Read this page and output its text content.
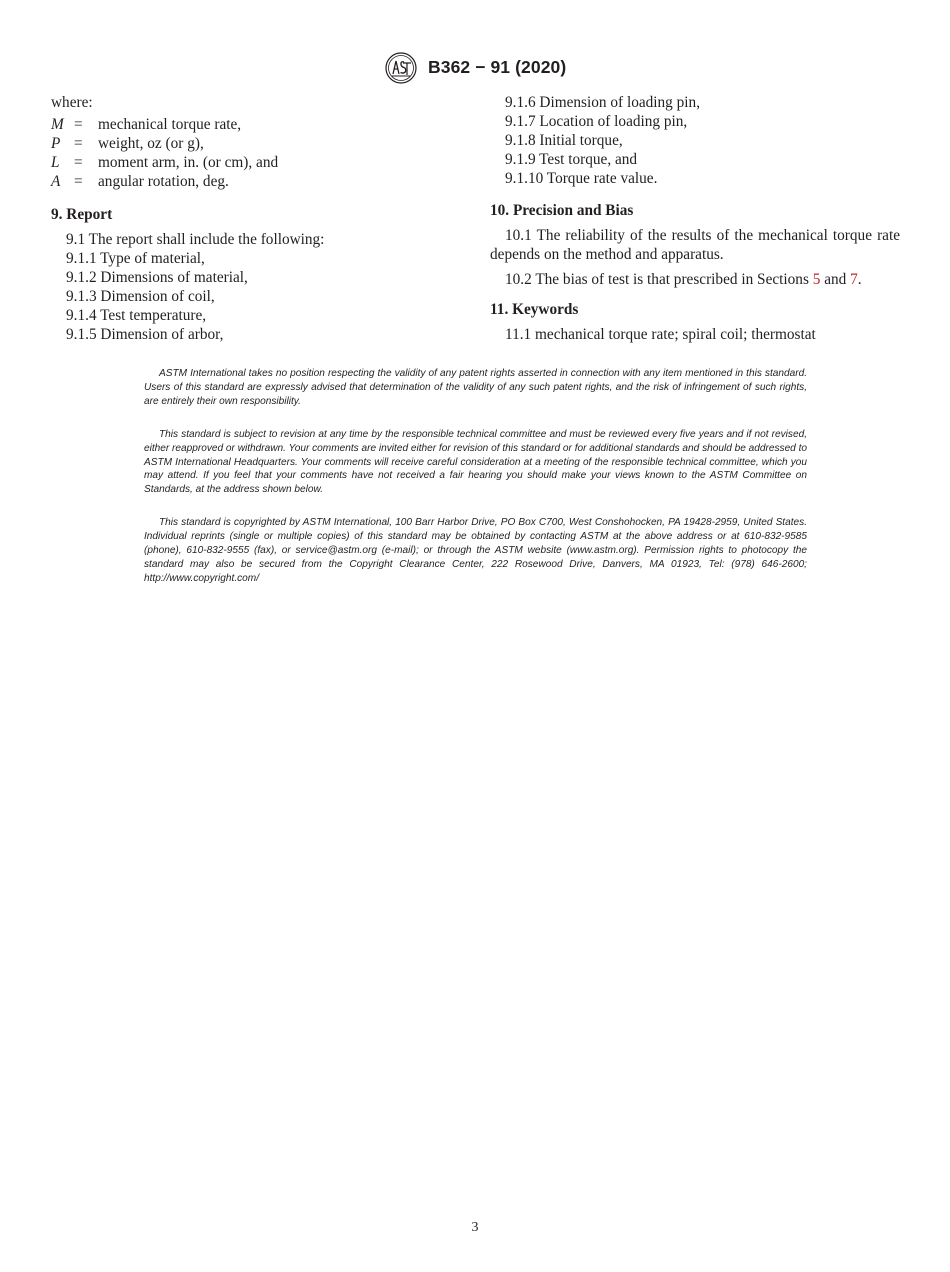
B362 − 91 (2020)
where:
M =	mechanical torque rate,
P =	weight, oz (or g),
L =	moment arm, in. (or cm), and
A =	angular rotation, deg.
9. Report
9.1 The report shall include the following:
9.1.1 Type of material,
9.1.2 Dimensions of material,
9.1.3 Dimension of coil,
9.1.4 Test temperature,
9.1.5 Dimension of arbor,
9.1.6 Dimension of loading pin,
9.1.7 Location of loading pin,
9.1.8 Initial torque,
9.1.9 Test torque, and
9.1.10 Torque rate value.
10. Precision and Bias

10.1 The reliability of the results of the mechanical torque rate depends on the method and apparatus.

10.2 The bias of test is that prescribed in Sections 5 and 7.

11. Keywords

11.1 mechanical torque rate; spiral coil; thermostat

ASTM International takes no position respecting the validity of any patent rights asserted in connection with any item mentioned in this standard. Users of this standard are expressly advised that determination of the validity of any such patent rights, and the risk of infringement of such rights, are entirely their own responsibility.

This standard is subject to revision at any time by the responsible technical committee and must be reviewed every five years and if not revised, either reapproved or withdrawn. Your comments are invited either for revision of this standard or for additional standards and should be addressed to ASTM International Headquarters. Your comments will receive careful consideration at a meeting of the responsible technical committee, which you may attend. If you feel that your comments have not received a fair hearing you should make your views known to the ASTM Committee on Standards, at the address shown below.

This standard is copyrighted by ASTM International, 100 Barr Harbor Drive, PO Box C700, West Conshohocken, PA 19428-2959, United States. Individual reprints (single or multiple copies) of this standard may be obtained by contacting ASTM at the above address or at 610-832-9585 (phone), 610-832-9555 (fax), or service@astm.org (e-mail); or through the ASTM website (www.astm.org). Permission rights to photocopy the standard may also be secured from the Copyright Clearance Center, 222 Rosewood Drive, Danvers, MA 01923, Tel: (978) 646-2600; http://www.copyright.com/

3
